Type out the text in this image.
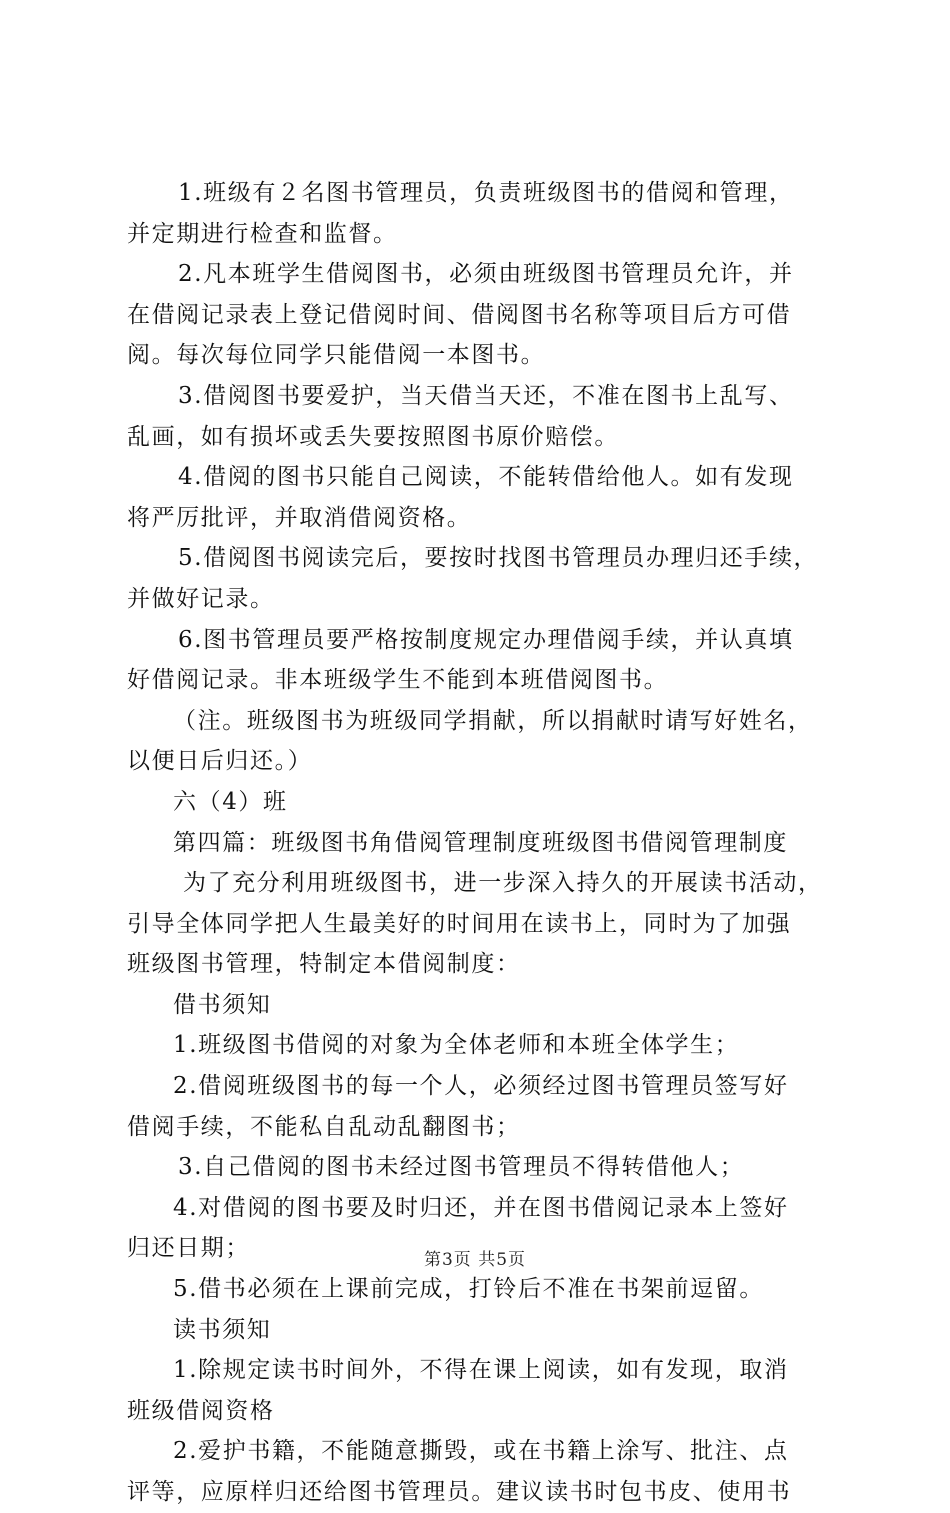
1.班级有２名图书管理员，负责班级图书的借阅和管理，
并定期进行检查和监督。
2.凡本班学生借阅图书，必须由班级图书管理员允许，并
在借阅记录表上登记借阅时间、借阅图书名称等项目后方可借
阅。每次每位同学只能借阅一本图书。
3.借阅图书要爱护，当天借当天还，不准在图书上乱写、
乱画，如有损坏或丢失要按照图书原价赔偿。
4.借阅的图书只能自己阅读，不能转借给他人。如有发现
将严厉批评，并取消借阅资格。
5.借阅图书阅读完后，要按时找图书管理员办理归还手续，
并做好记录。
6.图书管理员要严格按制度规定办理借阅手续，并认真填
好借阅记录。非本班级学生不能到本班借阅图书。
（注。班级图书为班级同学捐献，所以捐献时请写好姓名，
以便日后归还。）
六（4）班
第四篇：班级图书角借阅管理制度班级图书借阅管理制度
为了充分利用班级图书，进一步深入持久的开展读书活动，
引导全体同学把人生最美好的时间用在读书上，同时为了加强
班级图书管理，特制定本借阅制度：
借书须知
1.班级图书借阅的对象为全体老师和本班全体学生；
2.借阅班级图书的每一个人，必须经过图书管理员签写好
借阅手续，不能私自乱动乱翻图书；
3.自己借阅的图书未经过图书管理员不得转借他人；
4.对借阅的图书要及时归还，并在图书借阅记录本上签好
归还日期；
5.借书必须在上课前完成，打铃后不准在书架前逗留。
读书须知
1.除规定读书时间外，不得在课上阅读，如有发现，取消
班级借阅资格
2.爱护书籍，不能随意撕毁，或在书籍上涂写、批注、点
评等，应原样归还给图书管理员。建议读书时包书皮、使用书
第3页 共5页
